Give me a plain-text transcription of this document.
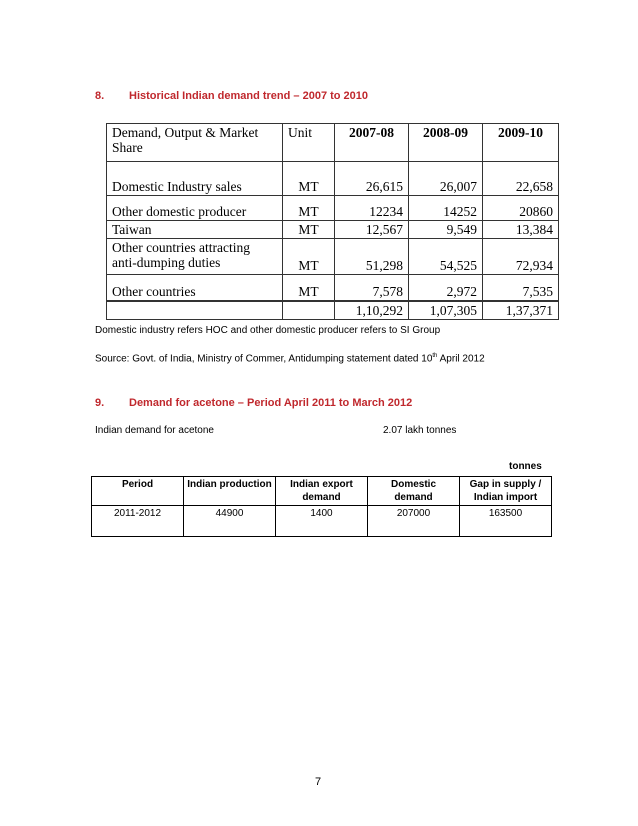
8. Historical Indian demand trend – 2007 to 2010
Demand, Output & Market Share	Unit	2007-08	2008-09	2009-10
Domestic Industry sales	MT	26,615	26,007	22,658
Other domestic producer	MT	12234	14252	20860
Taiwan	MT	12,567	9,549	13,384
Other countries attracting anti-dumping duties	MT	51,298	54,525	72,934
Other countries	MT	7,578	2,972	7,535
		1,10,292	1,07,305	1,37,371
Domestic industry refers HOC and other domestic producer refers to SI Group
Source: Govt. of India, Ministry of Commer, Antidumping statement dated 10th April 2012
9. Demand for acetone – Period April 2011 to March 2012
Indian demand for acetone	2.07 lakh tonnes
tonnes
Period	Indian production	Indian export demand	Domestic demand	Gap in supply / Indian import
2011-2012	44900	1400	207000	163500
7
